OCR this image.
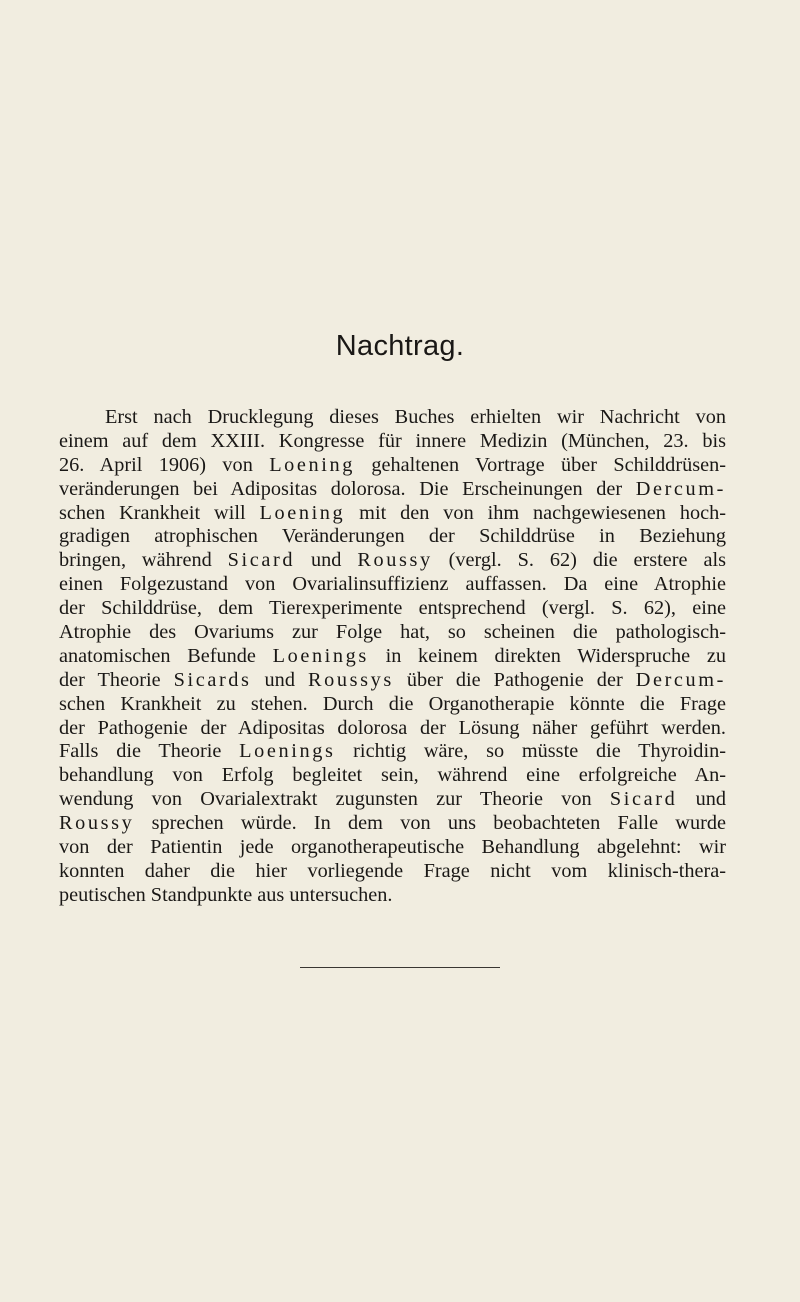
Nachtrag.
Erst nach Drucklegung dieses Buches erhielten wir Nachricht von
einem auf dem XXIII. Kongresse für innere Medizin (München, 23. bis
26. April 1906) von Loening gehaltenen Vortrage über Schilddrüsen-
veränderungen bei Adipositas dolorosa. Die Erscheinungen der Dercum-
schen Krankheit will Loening mit den von ihm nachgewiesenen hoch-
gradigen atrophischen Veränderungen der Schilddrüse in Beziehung
bringen, während Sicard und Roussy (vergl. S. 62) die erstere als
einen Folgezustand von Ovarialinsuffizienz auffassen. Da eine Atrophie
der Schilddrüse, dem Tierexperimente entsprechend (vergl. S. 62), eine
Atrophie des Ovariums zur Folge hat, so scheinen die pathologisch-
anatomischen Befunde Loenings in keinem direkten Widerspruche zu
der Theorie Sicards und Roussys über die Pathogenie der Dercum-
schen Krankheit zu stehen. Durch die Organotherapie könnte die Frage
der Pathogenie der Adipositas dolorosa der Lösung näher geführt werden.
Falls die Theorie Loenings richtig wäre, so müsste die Thyroidin-
behandlung von Erfolg begleitet sein, während eine erfolgreiche An-
wendung von Ovarialextrakt zugunsten zur Theorie von Sicard und
Roussy sprechen würde. In dem von uns beobachteten Falle wurde
von der Patientin jede organotherapeutische Behandlung abgelehnt: wir
konnten daher die hier vorliegende Frage nicht vom klinisch-thera-
peutischen Standpunkte aus untersuchen.
